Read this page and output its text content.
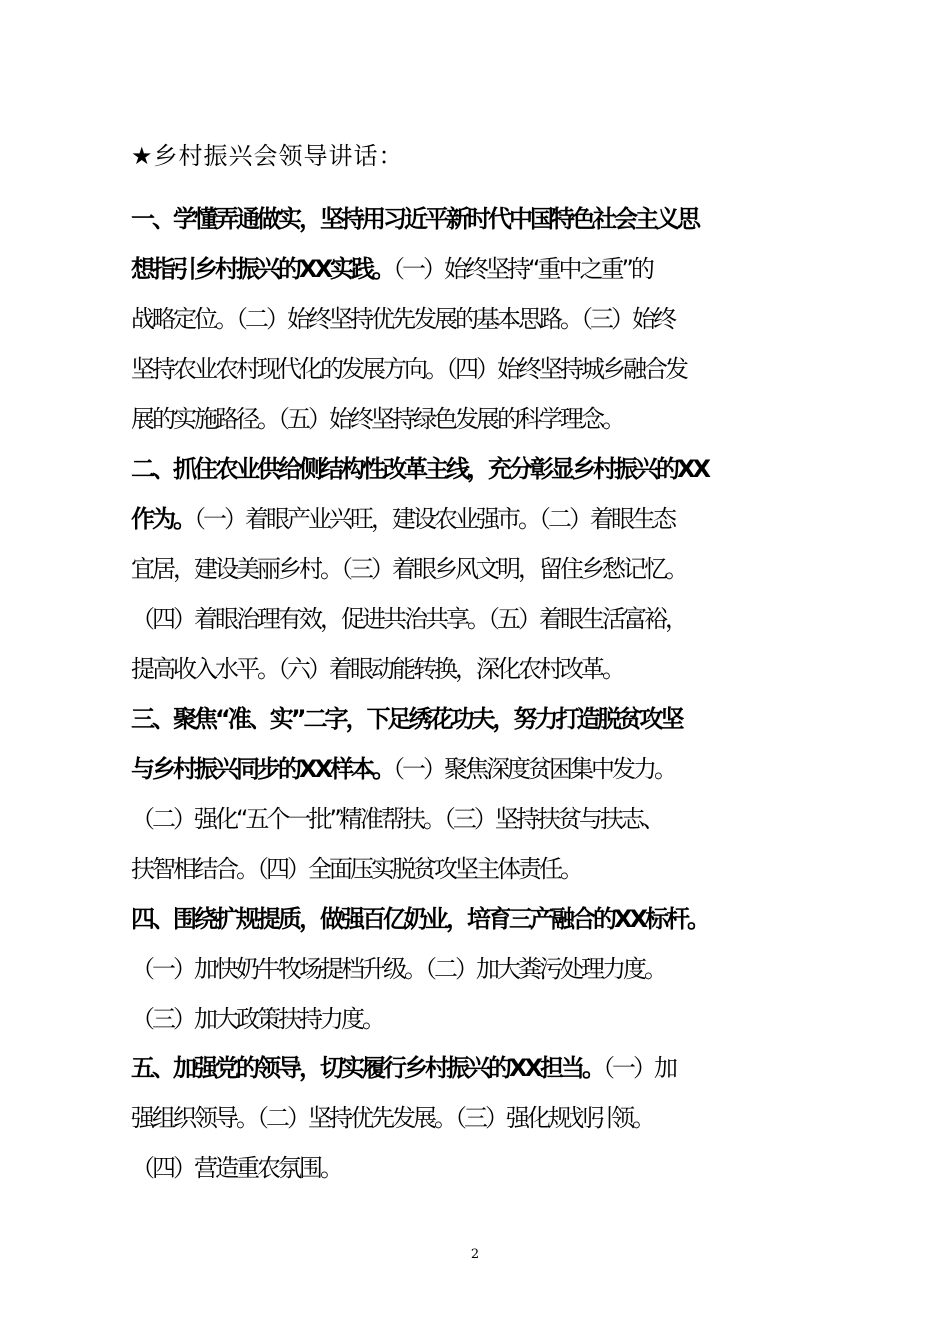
★乡村振兴会领导讲话：
一、学懂弄通做实，坚持用习近平新时代中国特色社会主义思
想指引乡村振兴的XX实践。（一）始终坚持“重中之重”的
战略定位。（二）始终坚持优先发展的基本思路。（三）始终
坚持农业农村现代化的发展方向。（四）始终坚持城乡融合发
展的实施路径。（五）始终坚持绿色发展的科学理念。
二、抓住农业供给侧结构性改革主线，充分彰显乡村振兴的XX
作为。（一）着眼产业兴旺，建设农业强市。（二）着眼生态
宜居，建设美丽乡村。（三）着眼乡风文明，留住乡愁记忆。
（四）着眼治理有效，促进共治共享。（五）着眼生活富裕，
提高收入水平。（六）着眼动能转换，深化农村改革。
三、聚焦“准、实”二字，下足绣花功夫，努力打造脱贫攻坚
与乡村振兴同步的XX样本。（一）聚焦深度贫困集中发力。
（二）强化“五个一批”精准帮扶。（三）坚持扶贫与扶志、
扶智相结合。（四）全面压实脱贫攻坚主体责任。
四、围绕扩规提质，做强百亿奶业，培育三产融合的XX标杆。
（一）加快奶牛牧场提档升级。（二）加大粪污处理力度。
（三）加大政策扶持力度。
五、加强党的领导，切实履行乡村振兴的XX担当。（一）加
强组织领导。（二）坚持优先发展。（三）强化规划引领。
（四）营造重农氛围。
2
